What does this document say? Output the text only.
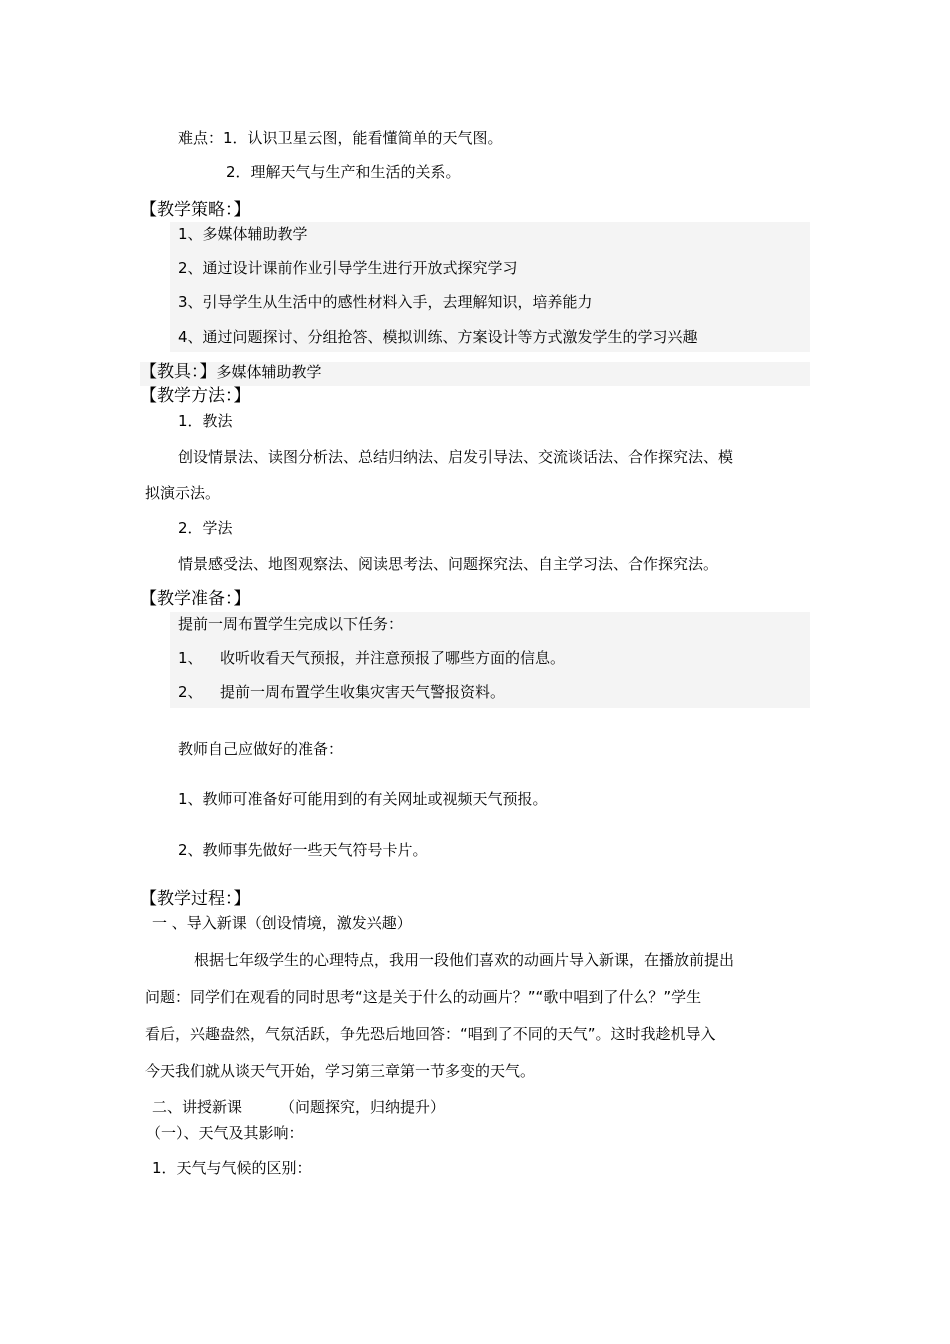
难点：1．认识卫星云图，能看懂简单的天气图。
2．理解天气与生产和生活的关系。
【教学策略：】
1、多媒体辅助教学
2、通过设计课前作业引导学生进行开放式探究学习
3、引导学生从生活中的感性材料入手，去理解知识，培养能力
4、通过问题探讨、分组抢答、模拟训练、方案设计等方式激发学生的学习兴趣
【教具：】多媒体辅助教学
【教学方法：】
1．教法
创设情景法、读图分析法、总结归纳法、启发引导法、交流谈话法、合作探究法、模
拟演示法。
2．学法
情景感受法、地图观察法、阅读思考法、问题探究法、自主学习法、合作探究法。
【教学准备：】
提前一周布置学生完成以下任务：
1、 收听收看天气预报，并注意预报了哪些方面的信息。
2、 提前一周布置学生收集灾害天气警报资料。
教师自己应做好的准备：
1、教师可准备好可能用到的有关网址或视频天气预报。
2、教师事先做好一些天气符号卡片。
【教学过程：】
一 、导入新课（创设情境，激发兴趣）
根据七年级学生的心理特点，我用一段他们喜欢的动画片导入新课，在播放前提出
问题：同学们在观看的同时思考“这是关于什么的动画片？”“歌中唱到了什么？”学生
看后，兴趣盎然，气氛活跃，争先恐后地回答：“唱到了不同的天气”。这时我趁机导入
今天我们就从谈天气开始，学习第三章第一节多变的天气。
二、讲授新课	（问题探究，归纳提升）
（一）、天气及其影响：
1．天气与气候的区别：
